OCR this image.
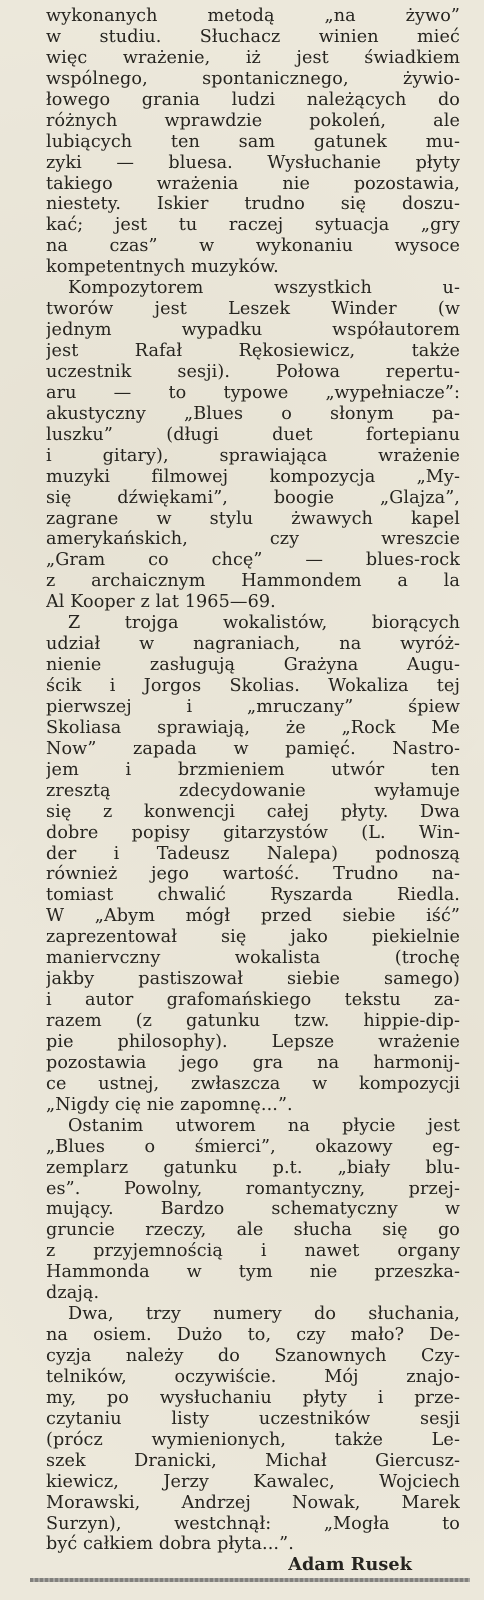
wykonanych metodą „na żywo”
w studiu. Słuchacz winien mieć
więc wrażenie, iż jest świadkiem
wspólnego, spontanicznego, żywio-
łowego grania ludzi należących do
różnych wprawdzie pokoleń, ale
lubiących ten sam gatunek mu-
zyki — bluesa. Wysłuchanie płyty
takiego wrażenia nie pozostawia,
niestety. Iskier trudno się doszu-
kać; jest tu raczej sytuacja „gry
na czas” w wykonaniu wysoce
kompetentnych muzyków.
Kompozytorem wszystkich u-
tworów jest Leszek Winder (w
jednym wypadku współautorem
jest Rafał Rękosiewicz, także
uczestnik sesji). Połowa repertu-
aru — to typowe „wypełniacze”:
akustyczny „Blues o słonym pa-
luszku” (długi duet fortepianu
i gitary), sprawiająca wrażenie
muzyki filmowej kompozycja „My-
się dźwiękami”, boogie „Glajza”,
zagrane w stylu żwawych kapel
amerykańskich, czy wreszcie
„Gram co chcę” — blues-rock
z archaicznym Hammondem a la
Al Kooper z lat 1965—69.
Z trojga wokalistów, biorących
udział w nagraniach, na wyróż-
nienie zasługują Grażyna Augu-
ścik i Jorgos Skolias. Wokaliza tej
pierwszej i „mruczany” śpiew
Skoliasa sprawiają, że „Rock Me
Now” zapada w pamięć. Nastro-
jem i brzmieniem utwór ten
zresztą zdecydowanie wyłamuje
się z konwencji całej płyty. Dwa
dobre popisy gitarzystów (L. Win-
der i Tadeusz Nalepa) podnoszą
również jego wartość. Trudno na-
tomiast chwalić Ryszarda Riedla.
W „Abym mógł przed siebie iść”
zaprezentował się jako piekielnie
maniervczny wokalista (trochę
jakby pastiszował siebie samego)
i autor grafomańskiego tekstu za-
razem (z gatunku tzw. hippie-dip-
pie philosophy). Lepsze wrażenie
pozostawia jego gra na harmonij-
ce ustnej, zwłaszcza w kompozycji
„Nigdy cię nie zapomnę...”.
Ostanim utworem na płycie jest
„Blues o śmierci”, okazowy eg-
zemplarz gatunku p.t. „biały blu-
es”. Powolny, romantyczny, przej-
mujący. Bardzo schematyczny w
gruncie rzeczy, ale słucha się go
z przyjemnością i nawet organy
Hammonda w tym nie przeszka-
dzają.
Dwa, trzy numery do słuchania,
na osiem. Dużo to, czy mało? De-
cyzja należy do Szanownych Czy-
telników, oczywiście. Mój znajo-
my, po wysłuchaniu płyty i prze-
czytaniu listy uczestników sesji
(prócz wymienionych, także Le-
szek Dranicki, Michał Giercusz-
kiewicz, Jerzy Kawalec, Wojciech
Morawski, Andrzej Nowak, Marek
Surzyn), westchnął: „Mogła to
być całkiem dobra płyta...”.
Adam Rusek
